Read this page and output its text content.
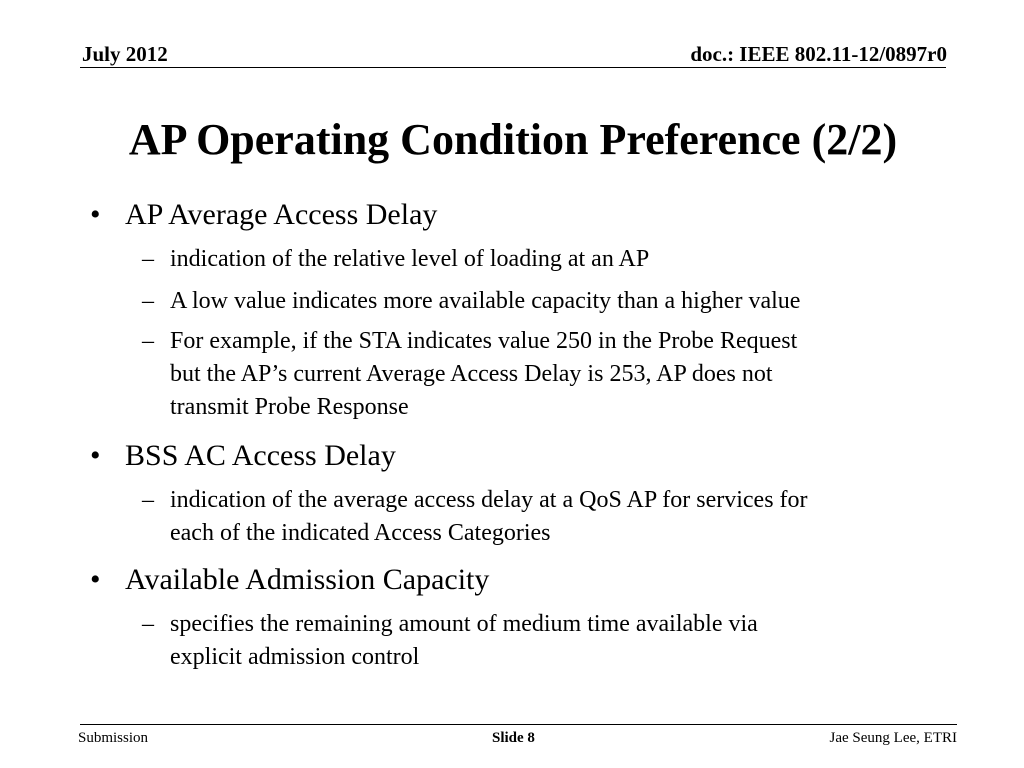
July 2012	doc.: IEEE 802.11-12/0897r0
AP Operating Condition Preference (2/2)
• AP Average Access Delay
– indication of the relative level of loading at an AP
– A low value indicates more available capacity than a higher value
– For example, if the STA indicates value 250 in the Probe Request
but the AP’s current Average Access Delay is 253, AP does not
transmit Probe Response
• BSS AC Access Delay
– indication of the average access delay at a QoS AP for services for
each of the indicated Access Categories
• Available Admission Capacity
– specifies the remaining amount of medium time available via
explicit admission control
Submission	Slide 8	Jae Seung Lee, ETRI
